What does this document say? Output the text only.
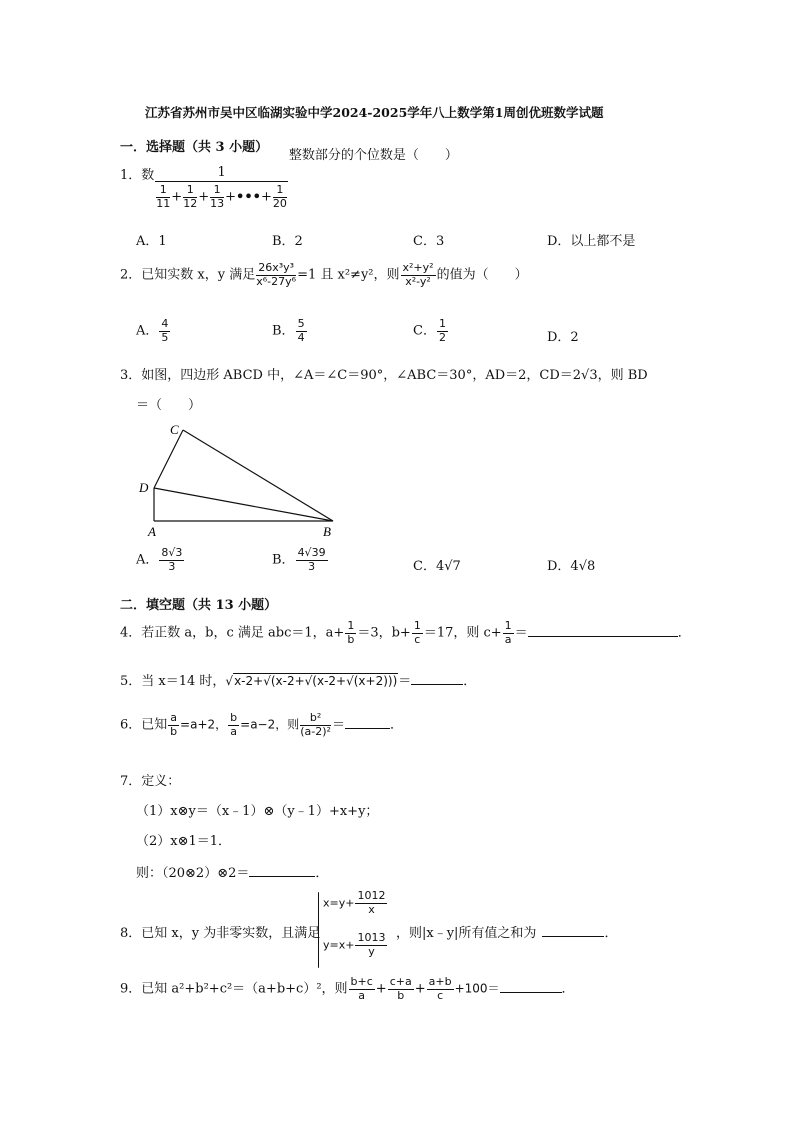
江苏省苏州市吴中区临湖实验中学2024-2025学年八上数学第1周创优班数学试题
一．选择题（共 3 小题）
1．数 $\frac{1}{\frac{1}{11} + \frac{1}{12} + \frac{1}{13} +•••+ \frac{1}{20}}$
整数部分的个位数是（　　）
A．1	B．2	C．3	D．以上都不是
2．已知实数 x，y 满足 $\frac{\text{26x³y³}}{\text{x⁶-27y⁶}} =1$ 且 x²≠y²，则 $\frac{\text{x²+y²}}{\text{x²-y²}}$ 的值为（　　）
A． $\frac{4}{5}$	B． $\frac{5}{4}$	C． $\frac{1}{2}$	D．2
3．如图，四边形 ABCD 中，∠A＝∠C＝90°，∠ABC＝30°，AD＝2，CD＝2√3，则 BD
＝（　　）
C
D
A	B
A． $\frac{8√3}{3}$	B． $\frac{4√39}{3}$	C．4√7	D．4√8
二．填空题（共 13 小题）
4．若正数 a，b，c 满足 abc＝1，$a+ \frac{1}{b} =3$，$b+ \frac{1}{c} =17$，则 $c+ \frac{1}{a}$ ＝	．
5．当 x＝14 时，√x-2+√(x-2+√(x-2+√(x+2)))＝	．
6．已知 $\frac{a}{b} =a+2$， $\frac{b}{a} =a-2$，则 $\frac{\text{b²}}{\text{(a-2)²}}$ ＝	．
7．定义：
（1）x⊗y＝（x﹣1）⊗（y﹣1）+x+y；
（2）x⊗1＝1．
则：（20⊗2）⊗2＝	．
$x=y+ \frac{1012}{x}$
$y=x+ \frac{1013}{y}$
8．已知 x，y 为非零实数，且满足	，则|x﹣y|所有值之和为	．
9．已知 a²+b²+c²＝（a+b+c）²，则 $\frac{b+c}{a} + \frac{c+a}{b} + \frac{a+b}{c} +100=$	．
